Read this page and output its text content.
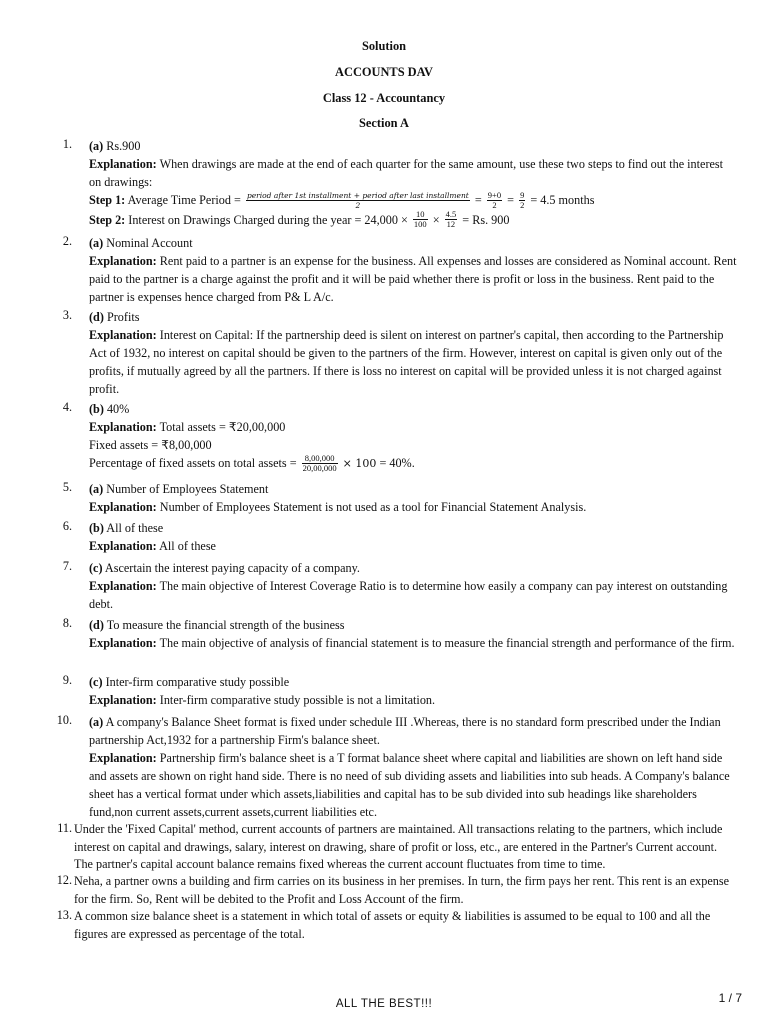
Solution
ACCOUNTS DAV
Class 12 - Accountancy
Section A
1. (a) Rs.900
Explanation: When drawings are made at the end of each quarter for the same amount, use these two steps to find out the interest on drawings:
Step 1: Average Time Period = $\frac{\text{period after 1st installment + period after last installment}}{2} = \frac{9+0}{2} = \frac{9}{2} = 4.5$ months
Step 2: Interest on Drawings Charged during the year = $24,000 \times \frac{10}{100} \times \frac{4.5}{12} = Rs$. 900
2. (a) Nominal Account
Explanation: Rent paid to a partner is an expense for the business. All expenses and losses are considered as Nominal account. Rent paid to the partner is a charge against the profit and it will be paid whether there is profit or loss in the business. Rent paid to the partner is expenses hence charged from P& L A/c.
3. (d) Profits
Explanation: Interest on Capital: If the partnership deed is silent on interest on partner's capital, then according to the Partnership Act of 1932, no interest on capital should be given to the partners of the firm. However, interest on capital is given only out of the profits, if mutually agreed by all the partners. If there is loss no interest on capital will be provided unless it is not charged against profit.
4. (b) 40%
Explanation: Total assets = ₹20,00,000
Fixed assets = ₹8,00,000
Percentage of fixed assets on total assets = $\frac{8,00,000}{20,00,000} \times 100 = 40\%$.
5. (a) Number of Employees Statement
Explanation: Number of Employees Statement is not used as a tool for Financial Statement Analysis.
6. (b) All of these
Explanation: All of these
7. (c) Ascertain the interest paying capacity of a company.
Explanation: The main objective of Interest Coverage Ratio is to determine how easily a company can pay interest on outstanding debt.
8. (d) To measure the financial strength of the business
Explanation: The main objective of analysis of financial statement is to measure the financial strength and performance of the firm.
9. (c) Inter-firm comparative study possible
Explanation: Inter-firm comparative study possible is not a limitation.
10. (a) A company's Balance Sheet format is fixed under schedule III .Whereas, there is no standard form prescribed under the Indian partnership Act,1932 for a partnership Firm's balance sheet.
Explanation: Partnership firm's balance sheet is a T format balance sheet where capital and liabilities are shown on left hand side and assets are shown on right hand side. There is no need of sub dividing assets and liabilities into sub heads. A Company's balance sheet has a vertical format under which assets,liabilities and capital has to be sub divided into sub headings like shareholders fund,non current assets,current assets,current liabilities etc.
11. Under the 'Fixed Capital' method, current accounts of partners are maintained. All transactions relating to the partners, which include interest on capital and drawings, salary, interest on drawing, share of profit or loss, etc., are entered in the Partner's Current account. The partner's capital account balance remains fixed whereas the current account fluctuates from time to time.
12. Neha, a partner owns a building and firm carries on its business in her premises. In turn, the firm pays her rent. This rent is an expense for the firm. So, Rent will be debited to the Profit and Loss Account of the firm.
13. A common size balance sheet is a statement in which total of assets or equity & liabilities is assumed to be equal to 100 and all the figures are expressed as percentage of the total.
ALL THE BEST!!!	1 / 7
